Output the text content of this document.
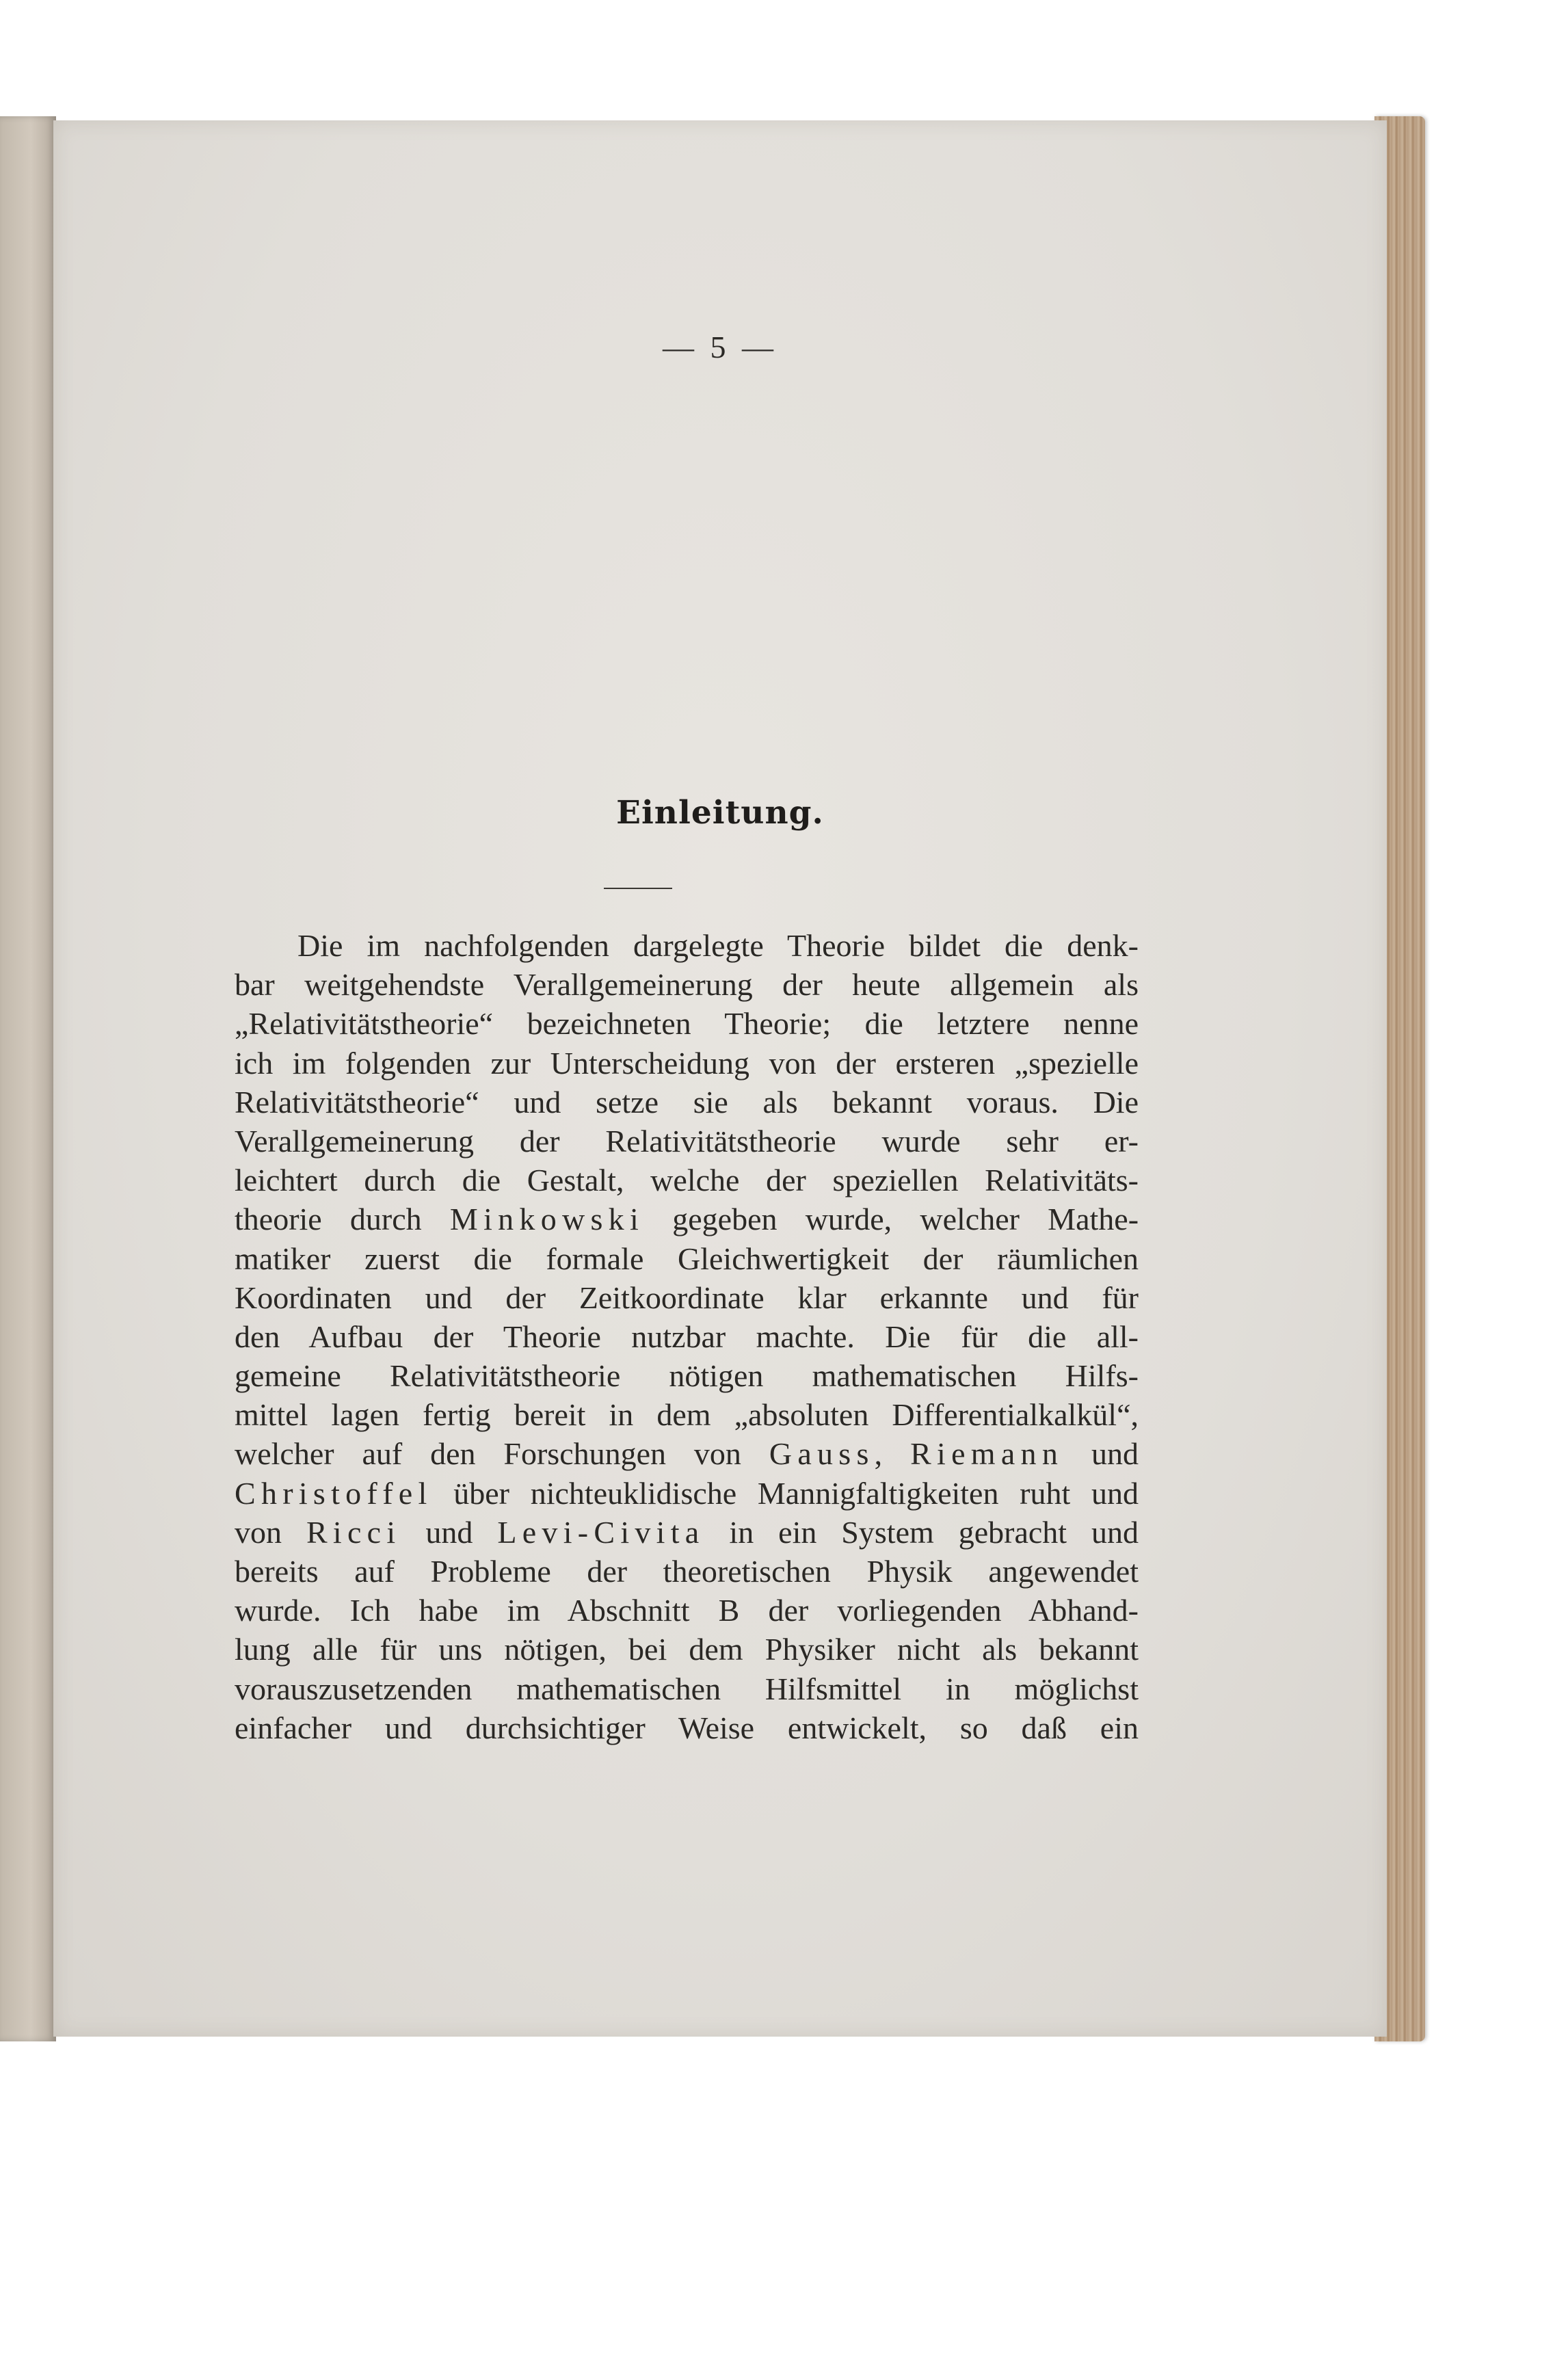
— 5 —
Einleitung.
Die im nachfolgenden dargelegte Theorie bildet die denk-
bar weitgehendste Verallgemeinerung der heute allgemein als
„Relativitätstheorie“ bezeichneten Theorie; die letztere nenne
ich im folgenden zur Unterscheidung von der ersteren „spezielle
Relativitätstheorie“ und setze sie als bekannt voraus. Die
Verallgemeinerung der Relativitätstheorie wurde sehr er-
leichtert durch die Gestalt, welche der speziellen Relativitäts-
theorie durch Minkowski gegeben wurde, welcher Mathe-
matiker zuerst die formale Gleichwertigkeit der räumlichen
Koordinaten und der Zeitkoordinate klar erkannte und für
den Aufbau der Theorie nutzbar machte. Die für die all-
gemeine Relativitätstheorie nötigen mathematischen Hilfs-
mittel lagen fertig bereit in dem „absoluten Differentialkalkül“,
welcher auf den Forschungen von Gauss, Riemann und
Christoffel über nichteuklidische Mannigfaltigkeiten ruht und
von Ricci und Levi-Civita in ein System gebracht und
bereits auf Probleme der theoretischen Physik angewendet
wurde. Ich habe im Abschnitt B der vorliegenden Abhand-
lung alle für uns nötigen, bei dem Physiker nicht als bekannt
vorauszusetzenden mathematischen Hilfsmittel in möglichst
einfacher und durchsichtiger Weise entwickelt, so daß ein
